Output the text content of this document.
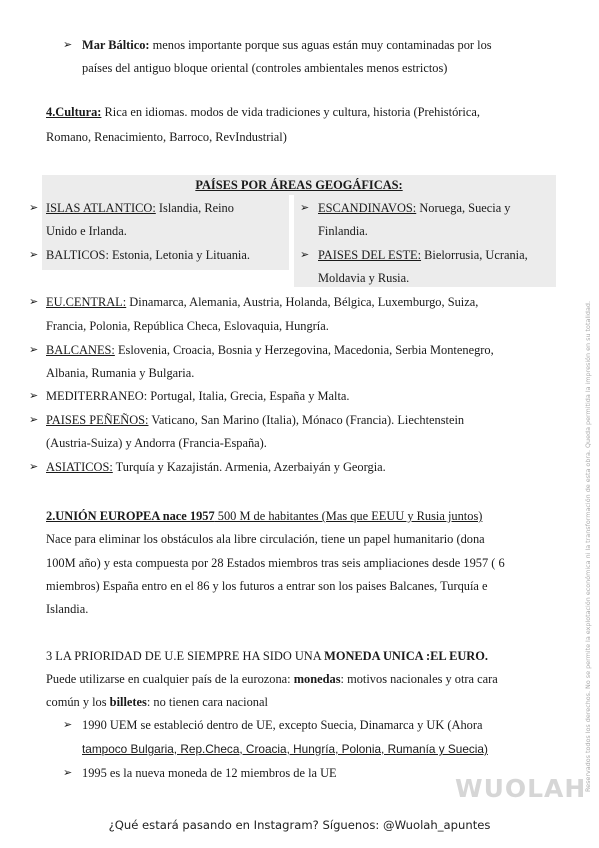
➢ Mar Báltico: menos importante porque sus aguas están muy contaminadas por los
países del antiguo bloque oriental (controles ambientales menos estrictos)
4.Cultura: Rica en idiomas. modos de vida tradiciones y cultura, historia (Prehistórica,
Romano, Renacimiento, Barroco, RevIndustrial)
PAÍSES POR ÁREAS GEOGÁFICAS:
➢ ISLAS ATLANTICO: Islandia, Reino
Unido e Irlanda.
➢ BALTICOS: Estonia, Letonia y Lituania.
➢ ESCANDINAVOS: Noruega, Suecia y
Finlandia.
➢ PAISES DEL ESTE: Bielorrusia, Ucrania,
Moldavia y Rusia.
➢ EU.CENTRAL: Dinamarca, Alemania, Austria, Holanda, Bélgica, Luxemburgo, Suiza,
Francia, Polonia, República Checa, Eslovaquia, Hungría.
➢ BALCANES: Eslovenia, Croacia, Bosnia y Herzegovina, Macedonia, Serbia Montenegro,
Albania, Rumania y Bulgaria.
➢ MEDITERRANEO: Portugal, Italia, Grecia, España y Malta.
➢ PAISES PEÑEÑOS: Vaticano, San Marino (Italia), Mónaco (Francia). Liechtenstein
(Austria-Suiza) y Andorra (Francia-España).
➢ ASIATICOS: Turquía y Kazajistán. Armenia, Azerbaiyán y Georgia.
2.UNIÓN EUROPEA nace 1957 500 M de habitantes (Mas que EEUU y Rusia juntos)
Nace para eliminar los obstáculos ala libre circulación, tiene un papel humanitario (dona
100M año) y esta compuesta por 28 Estados miembros tras seis ampliaciones desde 1957 ( 6
miembros) España entro en el 86 y los futuros a entrar son los paises Balcanes, Turquía e
Islandia.
3 LA PRIORIDAD DE U.E SIEMPRE HA SIDO UNA MONEDA UNICA :EL EURO.
Puede utilizarse en cualquier país de la eurozona: monedas: motivos nacionales y otra cara
común y los billetes: no tienen cara nacional
➢ 1990 UEM se estableció dentro de UE, excepto Suecia, Dinamarca y UK (Ahora
tampoco Bulgaria, Rep.Checa, Croacia, Hungría, Polonia, Rumanía y Suecia)
➢ 1995 es la nueva moneda de 12 miembros de la UE	Reservados todos los derechos. No se permite la explotación económica ni la transformación de esta obra. Queda permitida la impresión en su totalidad.
WUOLAH
¿Qué estará pasando en Instagram? Síguenos: @Wuolah_apuntes
